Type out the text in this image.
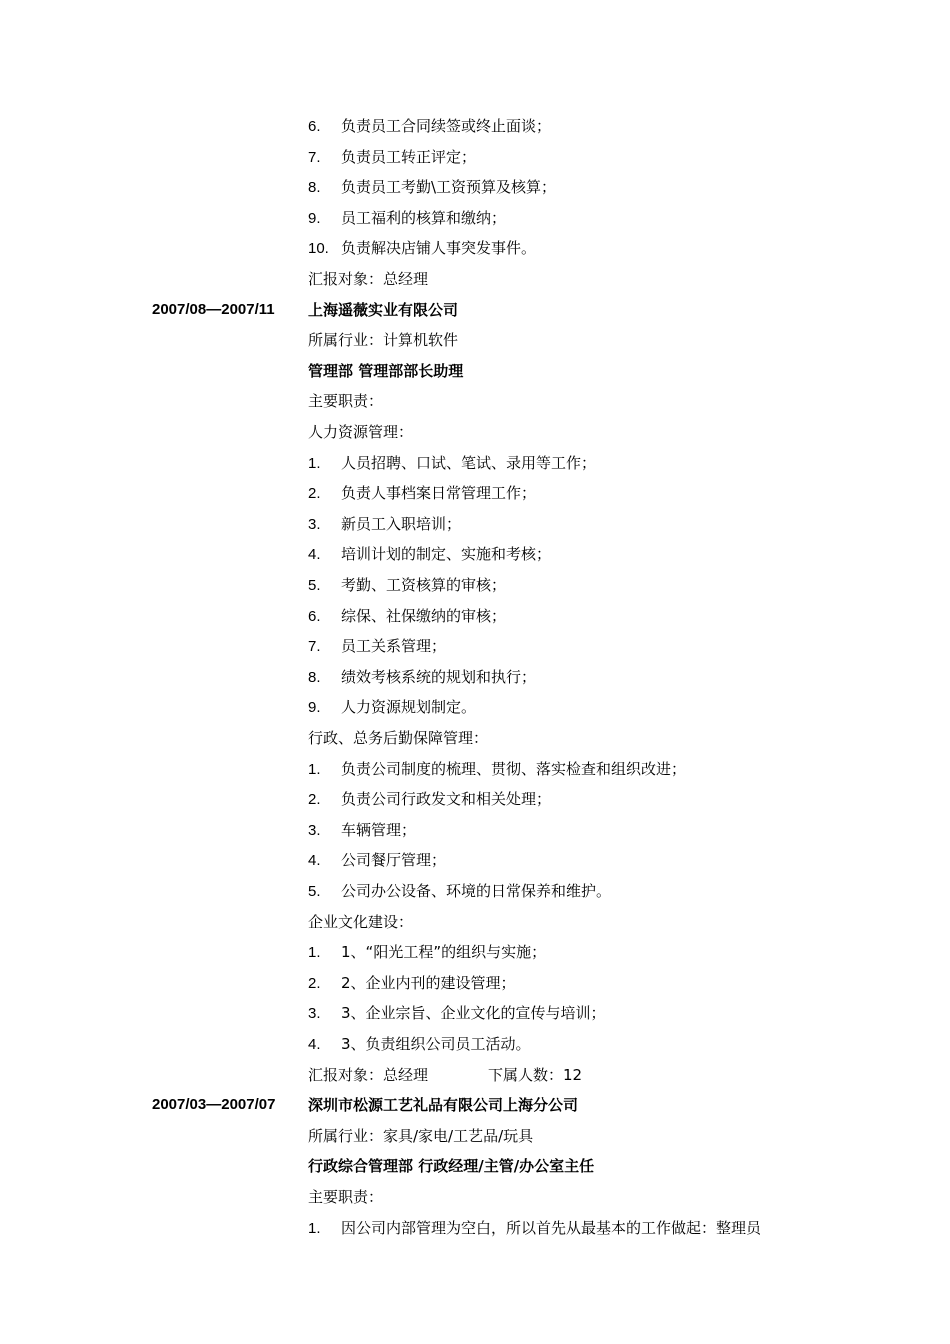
6. 负责员工合同续签或终止面谈；
7. 负责员工转正评定；
8. 负责员工考勤\工资预算及核算；
9. 员工福利的核算和缴纳；
10. 负责解决店铺人事突发事件。
汇报对象：总经理
2007/08—2007/11 上海遥薇实业有限公司
所属行业：计算机软件
管理部 管理部部长助理
主要职责：
人力资源管理：
1. 人员招聘、口试、笔试、录用等工作；
2. 负责人事档案日常管理工作；
3. 新员工入职培训；
4. 培训计划的制定、实施和考核；
5. 考勤、工资核算的审核；
6. 综保、社保缴纳的审核；
7. 员工关系管理；
8. 绩效考核系统的规划和执行；
9. 人力资源规划制定。
行政、总务后勤保障管理：
1. 负责公司制度的梳理、贯彻、落实检查和组织改进；
2. 负责公司行政发文和相关处理；
3. 车辆管理；
4. 公司餐厅管理；
5. 公司办公设备、环境的日常保养和维护。
企业文化建设：
1. 1、“阳光工程”的组织与实施；
2. 2、企业内刊的建设管理；
3. 3、企业宗旨、企业文化的宣传与培训；
4. 3、负责组织公司员工活动。
汇报对象：总经理	下属人数：12
2007/03—2007/07 深圳市松源工艺礼品有限公司上海分公司
所属行业：家具/家电/工艺品/玩具
行政综合管理部 行政经理/主管/办公室主任
主要职责：
1. 因公司内部管理为空白，所以首先从最基本的工作做起：整理员
